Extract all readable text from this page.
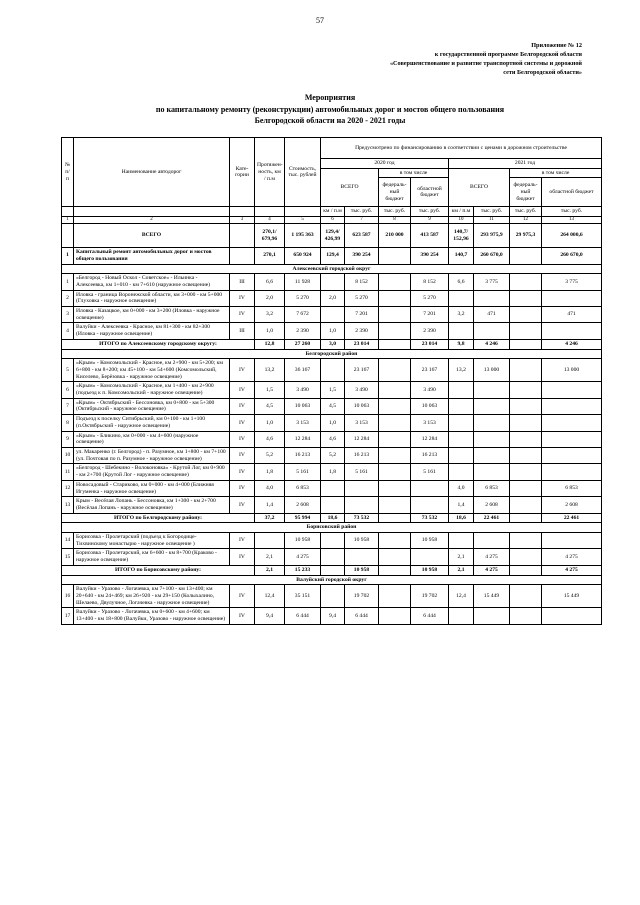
57
Приложение № 12
к государственной программе Белгородской области
«Совершенствование и развитие транспортной системы и дорожной
сети Белгородской области»
Мероприятия
по капитальному ремонту (реконструкции) автомобильных дорог и мостов общего пользования
Белгородской области на 2020 - 2021 годы
№ п/п	Наименование автодорог	Кате-гории	Протяжен-ность, км / п.м	Стоимость, тыс. рублей	Предусмотрено по финансированию в соответствии с ценами в дорожном строительстве							
					2020 год				2021 год			
					ВСЕГО		в том числе		ВСЕГО		в том числе	
							федераль-ный бюджет	областной бюджет			федераль-ный бюджет	областной бюджет
					км / п.м	тыс. руб.	тыс. руб.	тыс. руб.	км / п.м	тыс. руб.	тыс. руб.	тыс. руб.
1	2	3	4	5	6	7	8	9	10	11	12	13
	ВСЕГО		270,1/ 679,96	1 195 363	129,4/ 426,99	623 587	210 000	413 587	140,7/ 152,96	293 975,9	29 975,3	264 000,6
1	Капитальный ремонт автомобильных дорог и мостов общего пользования		270,1	650 924	129,4	390 254		390 254	140,7	260 670,0		260 670,0
Алексеевский городской округ												
1	«Белгород - Новый Оскол - Советское» - Ильинка - Алексеевка, км 1+010 - км 7+610 (наружное освещение)	III	6,6	11 928		8 152		8 152	6,6	3 775		3 775
2	Иловка - граница Воронежской области, км 3+000 - км 5+000 (Глуховка - наружное освещение)	IV	2,0	5 270	2,0	5 270		5 270				
3	Иловка - Казацкое, км 0+000 - км 3+200 (Иловка - наружное освещение)	IV	3,2	7 672		7 201		7 201	3,2	471		471
4	Валуйки - Алексеевка - Красное, км 81+300 - км 82+300 (Иловка - наружное освещение)	III	1,0	2 390	1,0	2 390		2 390				
ИТОГО по Алексеевскому городскому округу:			12,8	27 260	3,0	23 014		23 014	9,8	4 246		4 246
Белгородский район												
5	«Крым» - Комсомольский - Красное, км 2+900 - км 5+200; км 6+800 - км 8+200; км 45+100 - км 54+600 (Комсомольский, Киселево, Берёзовка - наружное освещение)	IV	13,2	36 167		23 167		23 167	13,2	13 000		13 000
6	«Крым» - Комсомольский - Красное, км 1+400 - км 2+900 (подъезд к п. Комсомольский - наружное освещение)	IV	1,5	3 490	1,5	3 490		3 490				
7	«Крым» - Октябрьский - Бессоновка, км 0+800 - км 5+300 (Октябрьский - наружное освещение)	IV	4,5	10 063	4,5	10 063		10 063				
8	Подъезд к поселку Ситибрьский, км 0+100 - км 1+100 (п.Октябрьский - наружное освещение)	IV	1,0	3 153	1,0	3 153		3 153				
9	«Крым» - Бликино, км 0+000 - км 4+600 (наружное освещение)	IV	4,6	12 284	4,6	12 284		12 284				
10	ул. Макаренко (г. Белгород) - п. Разумное, км 1+800 - км 7+100 (ул. Почтовая по п. Разумное - наружное освещение)	IV	5,2	16 213	5,2	16 213		16 213				
11	«Белгород - Шебекино - Волоконовка» - Крутой Лог, км 0+900 - км 2+700 (Крутой Лог - наружное освещение)	IV	1,8	5 161	1,8	5 161		5 161				
12	Новосадовый - Стариково, км 0+000 - км 4+000 (Ближняя Игуменка - наружное освещение)	IV	4,0	6 853					4,0	6 853		6 853
13	Крым - Весёлая Лопань - Бессоновка, км 1+300 - км 2+700 (Весёлая Лопань - наружное освещение)	IV	1,4	2 608					1,4	2 608		2 608
ИТОГО по Белгородскому району:			37,2	95 994	18,6	73 532		73 532	18,6	22 461		22 461
Борисовский район												
14	Борисовка - Пролетарский (подъезд к Богородице-Тихвинскому монастырю - наружное освещение )	IV		10 958		10 958		10 958				
15	Борисовка - Пролетарский, км 6+600 - км 8+700 (Краково - наружное освещение)	IV	2,1	4 275					2,1	4 275		4 275
ИТОГО по Борисовскому району:			2,1	15 233		10 958		10 958	2,1	4 275		4 275
Валуйский городской округ												
16	Валуйки - Уразово - Логачевка, км 7+100 - км 13+400; км 20+640 - км 24+469; км 26+920 - км 29+150 (Колыхалино, Шелаево, Двулучное, Логачевка - наружное освещение)	IV	12,4	35 151		19 702		19 702	12,4	15 449		15 449
17	Валуйки - Уразово - Логачевка, км 0+600 - км 4+600; км 13+400 - км 18+800 (Валуйки, Уразово - наружное освещение)	IV	9,4	6 444	9,4	6 444		6 444				
